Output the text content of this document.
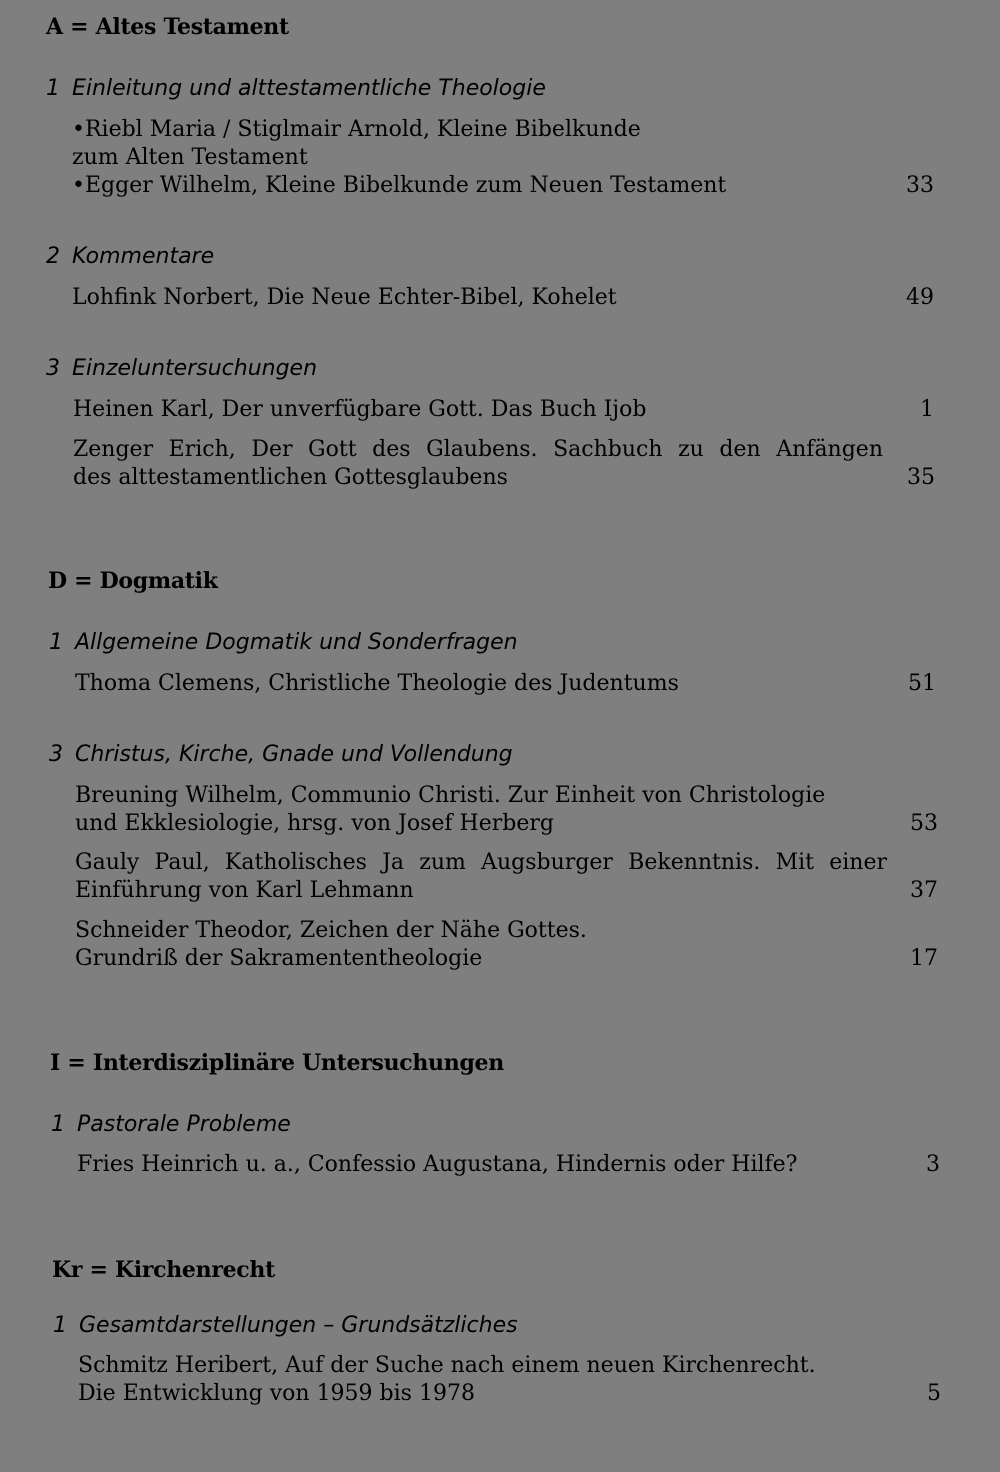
A = Altes Testament
1 Einleitung und alttestamentliche Theologie
•Riebl Maria / Stiglmair Arnold, Kleine Bibelkunde
zum Alten Testament
•Egger Wilhelm, Kleine Bibelkunde zum Neuen Testament	33
2 Kommentare
Lohfink Norbert, Die Neue Echter-Bibel, Kohelet	49
3 Einzeluntersuchungen
Heinen Karl, Der unverfügbare Gott. Das Buch Ijob	1
Zenger Erich, Der Gott des Glaubens. Sachbuch zu den Anfängen
des alttestamentlichen Gottesglaubens	35
D = Dogmatik
1 Allgemeine Dogmatik und Sonderfragen
Thoma Clemens, Christliche Theologie des Judentums	51
3 Christus, Kirche, Gnade und Vollendung
Breuning Wilhelm, Communio Christi. Zur Einheit von Christologie
und Ekklesiologie, hrsg. von Josef Herberg	53
Gauly Paul, Katholisches Ja zum Augsburger Bekenntnis. Mit einer
Einführung von Karl Lehmann	37
Schneider Theodor, Zeichen der Nähe Gottes.
Grundriß der Sakramententheologie	17
I = Interdisziplinäre Untersuchungen
1 Pastorale Probleme
Fries Heinrich u. a., Confessio Augustana, Hindernis oder Hilfe?	3
Kr = Kirchenrecht
1 Gesamtdarstellungen – Grundsätzliches
Schmitz Heribert, Auf der Suche nach einem neuen Kirchenrecht.
Die Entwicklung von 1959 bis 1978	5
